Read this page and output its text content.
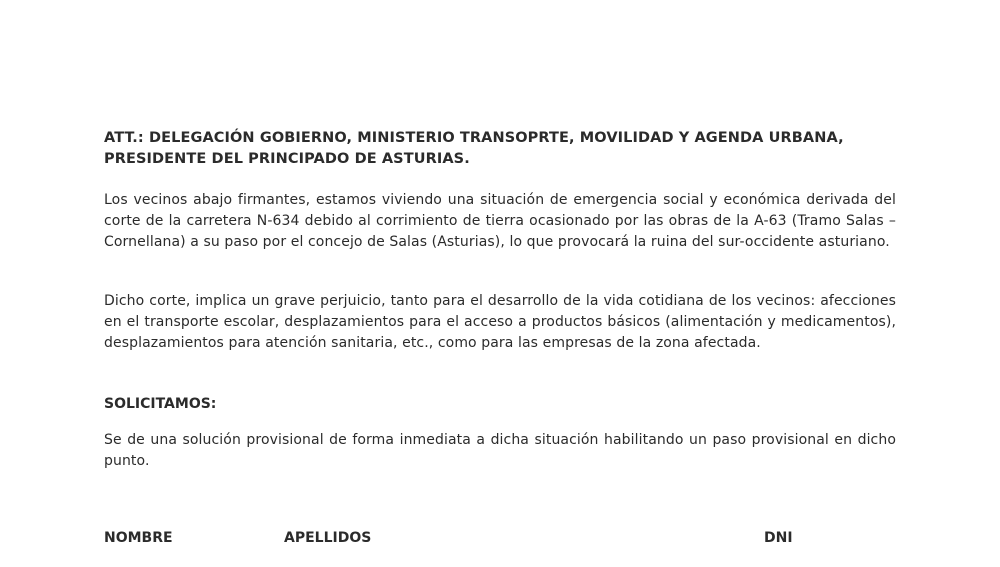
ATT.: DELEGACIÓN GOBIERNO, MINISTERIO TRANSOPRTE, MOVILIDAD Y AGENDA URBANA, PRESIDENTE DEL PRINCIPADO DE ASTURIAS.

Los vecinos abajo firmantes, estamos viviendo una situación de emergencia social y económica derivada del corte de la carretera N-634 debido al corrimiento de tierra ocasionado por las obras de la A-63 (Tramo Salas – Cornellana) a su paso por el concejo de Salas (Asturias), lo que provocará la ruina del sur-occidente asturiano.

Dicho corte, implica un grave perjuicio, tanto para el desarrollo de la vida cotidiana de los vecinos: afecciones en el transporte escolar, desplazamientos para el acceso a productos básicos (alimentación y medicamentos), desplazamientos para atención sanitaria, etc., como para las empresas de la zona afectada.

SOLICITAMOS:

Se de una solución provisional de forma inmediata a dicha situación habilitando un paso provisional en dicho punto.

NOMBRE	APELLIDOS	DNI
